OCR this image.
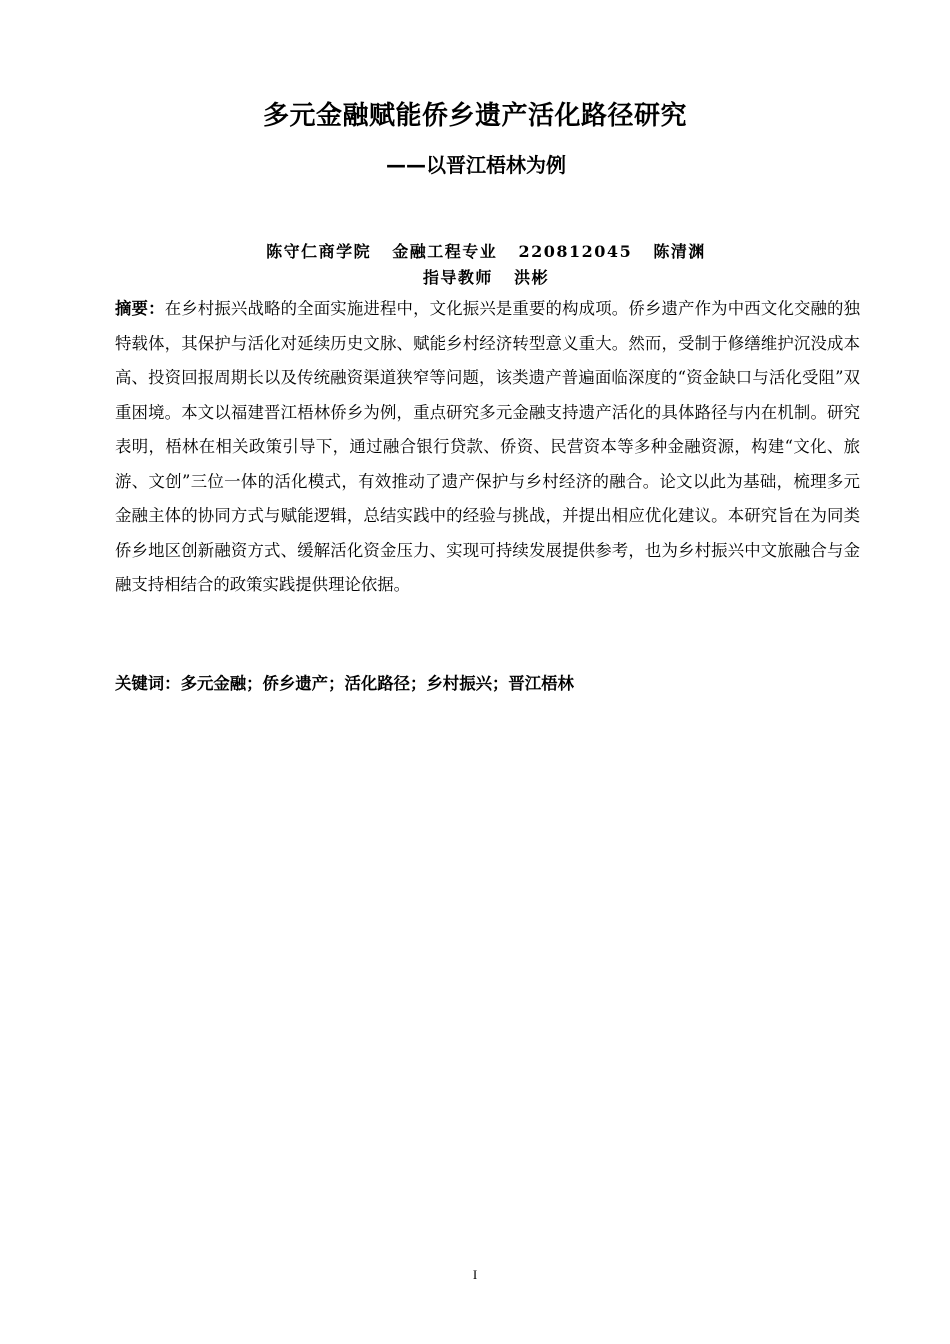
多元金融赋能侨乡遗产活化路径研究
——以晋江梧林为例
陈守仁商学院   金融工程专业   220812045   陈清渊
指导教师   洪彬
摘要：在乡村振兴战略的全面实施进程中，文化振兴是重要的构成项。侨乡遗产作为中西文化交融的独特载体，其保护与活化对延续历史文脉、赋能乡村经济转型意义重大。然而，受制于修缮维护沉没成本高、投资回报周期长以及传统融资渠道狭窄等问题，该类遗产普遍面临深度的“资金缺口与活化受阻”双重困境。本文以福建晋江梧林侨乡为例，重点研究多元金融支持遗产活化的具体路径与内在机制。研究表明，梧林在相关政策引导下，通过融合银行贷款、侨资、民营资本等多种金融资源，构建“文化、旅游、文创”三位一体的活化模式，有效推动了遗产保护与乡村经济的融合。论文以此为基础，梳理多元金融主体的协同方式与赋能逻辑，总结实践中的经验与挑战，并提出相应优化建议。本研究旨在为同类侨乡地区创新融资方式、缓解活化资金压力、实现可持续发展提供参考，也为乡村振兴中文旅融合与金融支持相结合的政策实践提供理论依据。
关键词：多元金融；侨乡遗产；活化路径；乡村振兴；晋江梧林
I
